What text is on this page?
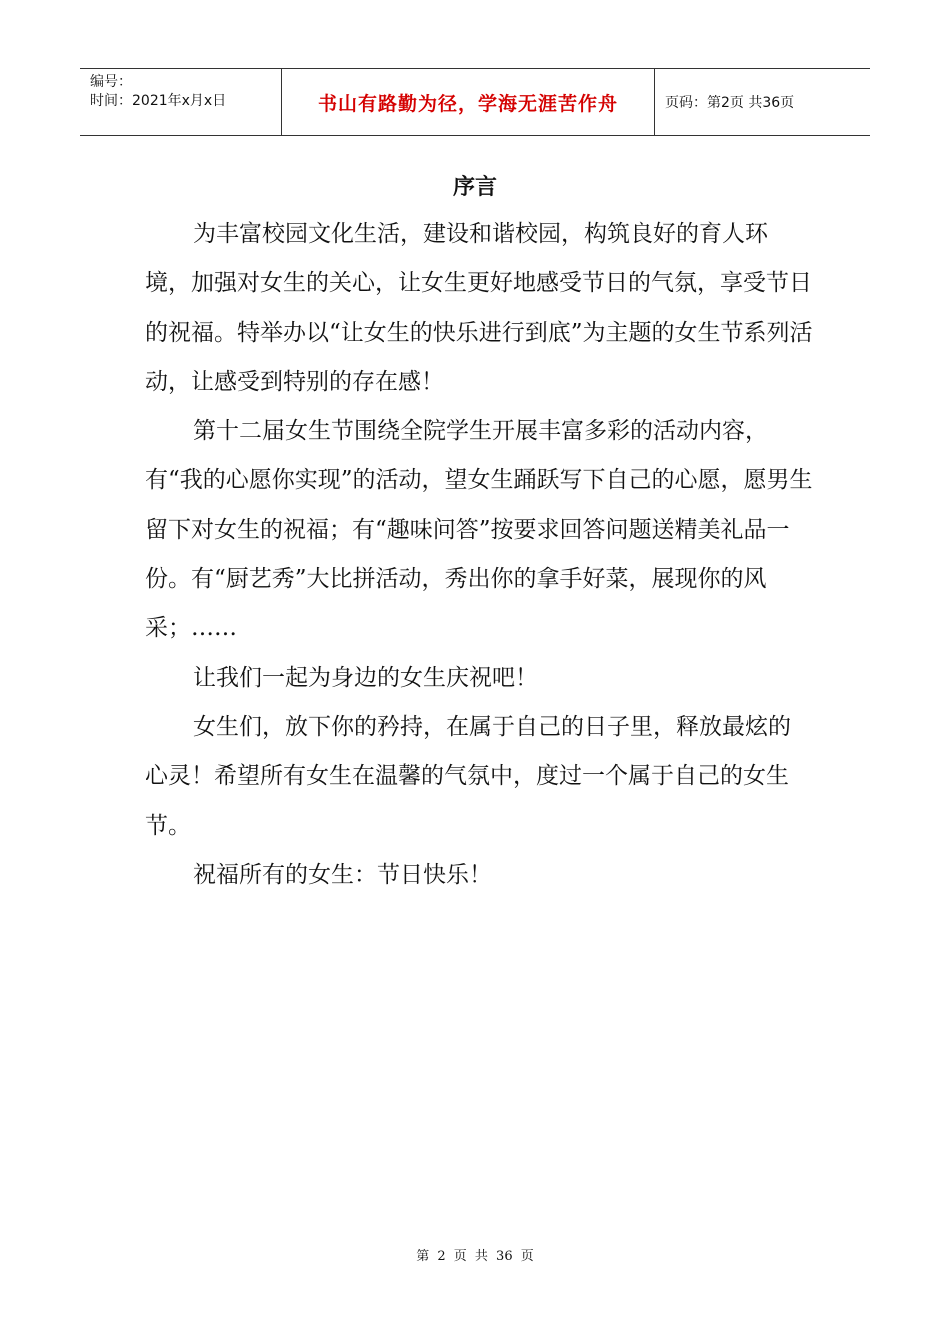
编号：
时间：2021年x月x日	书山有路勤为径，学海无涯苦作舟	页码：第2页 共36页
序言

为丰富校园文化生活，建设和谐校园，构筑良好的育人环境，加强对女生的关心，让女生更好地感受节日的气氛，享受节日的祝福。特举办以“让女生的快乐进行到底”为主题的女生节系列活动，让感受到特别的存在感！

第十二届女生节围绕全院学生开展丰富多彩的活动内容，有“我的心愿你实现”的活动，望女生踊跃写下自己的心愿，愿男生留下对女生的祝福；有“趣味问答”按要求回答问题送精美礼品一份。有“厨艺秀”大比拼活动，秀出你的拿手好菜，展现你的风采；……

让我们一起为身边的女生庆祝吧！

女生们，放下你的矜持，在属于自己的日子里，释放最炫的心灵！希望所有女生在温馨的气氛中，度过一个属于自己的女生节。

祝福所有的女生：节日快乐！

第 2 页 共 36 页
